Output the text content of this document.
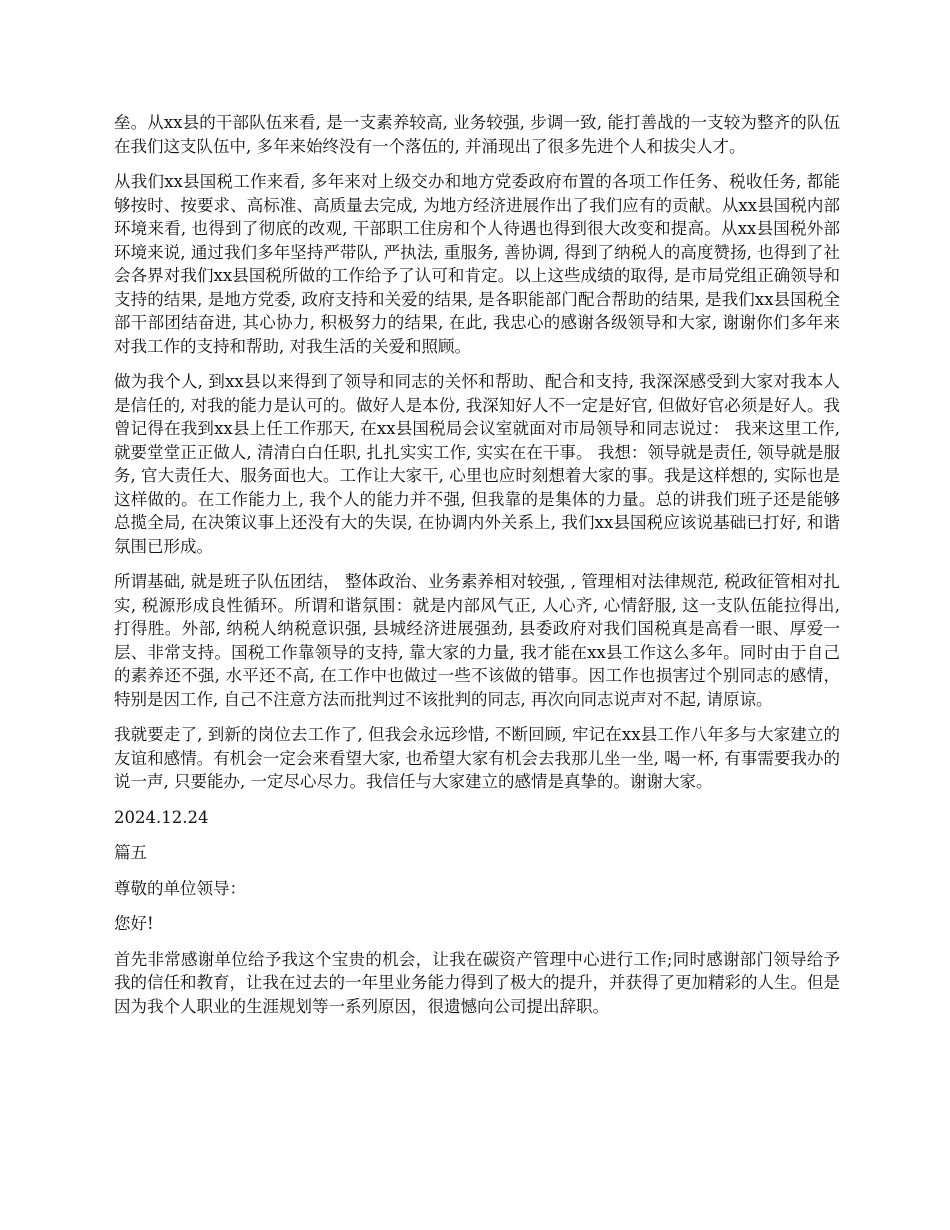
垒。从xx县的干部队伍来看, 是一支素养较高, 业务较强, 步调一致, 能打善战的一支较为整齐的队伍在我们这支队伍中, 多年来始终没有一个落伍的, 并涌现出了很多先进个人和拔尖人才。

从我们xx县国税工作来看, 多年来对上级交办和地方党委政府布置的各项工作任务、税收任务, 都能够按时、按要求、高标准、高质量去完成, 为地方经济进展作出了我们应有的贡献。从xx县国税内部环境来看, 也得到了彻底的改观, 干部职工住房和个人待遇也得到很大改变和提高。从xx县国税外部环境来说, 通过我们多年坚持严带队, 严执法, 重服务, 善协调, 得到了纳税人的高度赞扬, 也得到了社会各界对我们xx县国税所做的工作给予了认可和肯定。以上这些成绩的取得, 是市局党组正确领导和支持的结果, 是地方党委, 政府支持和关爱的结果, 是各职能部门配合帮助的结果, 是我们xx县国税全部干部团结奋进, 其心协力, 积极努力的结果, 在此, 我忠心的感谢各级领导和大家, 谢谢你们多年来对我工作的支持和帮助, 对我生活的关爱和照顾。

做为我个人, 到xx县以来得到了领导和同志的关怀和帮助、配合和支持, 我深深感受到大家对我本人是信任的, 对我的能力是认可的。做好人是本份, 我深知好人不一定是好官, 但做好官必须是好人。我曾记得在我到xx县上任工作那天, 在xx县国税局会议室就面对市局领导和同志说过： 我来这里工作, 就要堂堂正正做人, 清清白白任职, 扎扎实实工作, 实实在在干事。 我想：领导就是责任, 领导就是服务, 官大责任大、服务面也大。工作让大家干, 心里也应时刻想着大家的事。我是这样想的, 实际也是这样做的。在工作能力上, 我个人的能力并不强, 但我靠的是集体的力量。总的讲我们班子还是能够总揽全局, 在决策议事上还没有大的失误, 在协调内外关系上, 我们xx县国税应该说基础已打好, 和谐氛围已形成。

所谓基础, 就是班子队伍团结， 整体政治、业务素养相对较强, , 管理相对法律规范, 税政征管相对扎实, 税源形成良性循环。所谓和谐氛围：就是内部风气正, 人心齐, 心情舒服, 这一支队伍能拉得出, 打得胜。外部, 纳税人纳税意识强, 县城经济进展强劲, 县委政府对我们国税真是高看一眼、厚爱一层、非常支持。国税工作靠领导的支持, 靠大家的力量, 我才能在xx县工作这么多年。同时由于自己的素养还不强, 水平还不高, 在工作中也做过一些不该做的错事。因工作也损害过个别同志的感情， 特别是因工作, 自己不注意方法而批判过不该批判的同志, 再次向同志说声对不起, 请原谅。

我就要走了, 到新的岗位去工作了, 但我会永远珍惜, 不断回顾, 牢记在xx县工作八年多与大家建立的友谊和感情。有机会一定会来看望大家, 也希望大家有机会去我那儿坐一坐, 喝一杯, 有事需要我办的说一声, 只要能办, 一定尽心尽力。我信任与大家建立的感情是真挚的。谢谢大家。

2024.12.24

篇五

尊敬的单位领导：

您好!

首先非常感谢单位给予我这个宝贵的机会，让我在碳资产管理中心进行工作;同时感谢部门领导给予我的信任和教育，让我在过去的一年里业务能力得到了极大的提升，并获得了更加精彩的人生。但是因为我个人职业的生涯规划等一系列原因，很遗憾向公司提出辞职。
